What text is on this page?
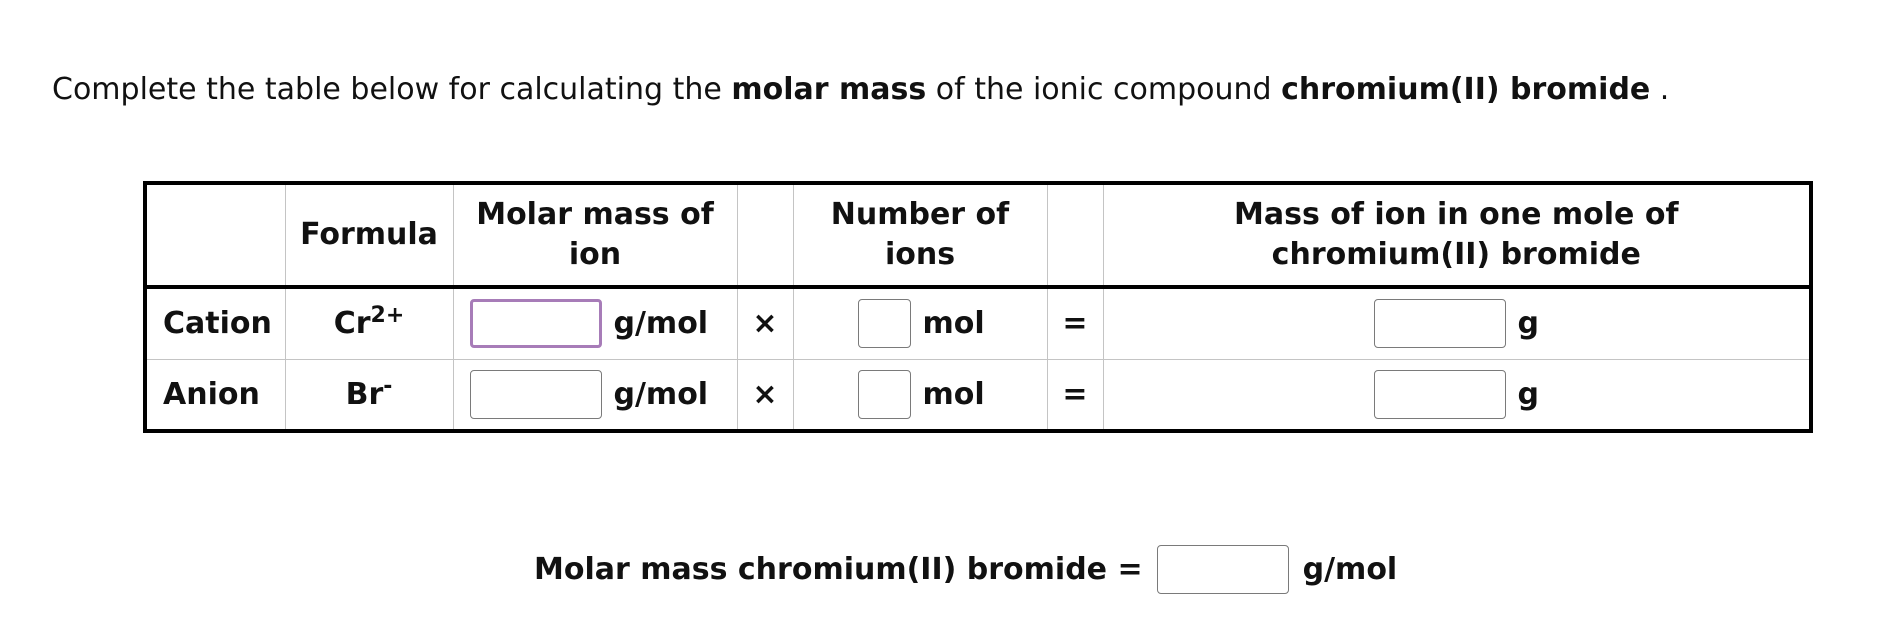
Complete the table below for calculating the molar mass of the ionic compound chromium(II) bromide .
	Formula	Molar mass of ion		Number of ions		Mass of ion in one mole of chromium(II) bromide

Cation	$Cr^{2+}$	g/mol	×	mol	=	g

Anion	Br-	g/mol	×	mol	=	g
Molar mass chromium(II) bromide =	g/mol
